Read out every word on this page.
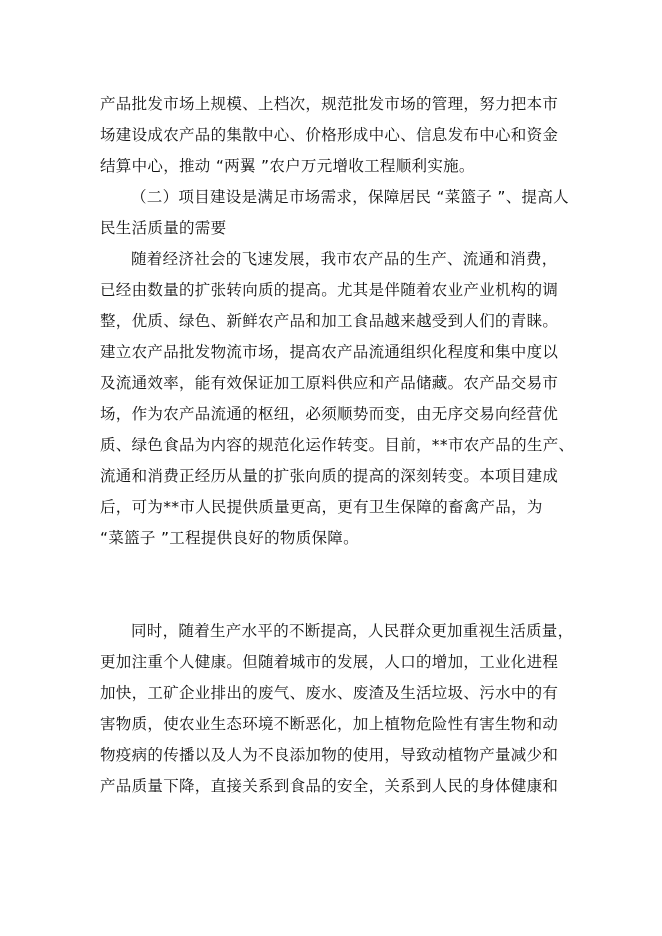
产品批发市场上规模、上档次，规范批发市场的管理，努力把本市
场建设成农产品的集散中心、价格形成中心、信息发布中心和资金
结算中心，推动 “两翼 ”农户万元增收工程顺利实施。
（二）项目建设是满足市场需求，保障居民 “菜篮子 ”、提高人
民生活质量的需要
随着经济社会的飞速发展，我市农产品的生产、流通和消费，
已经由数量的扩张转向质的提高。尤其是伴随着农业产业机构的调
整，优质、绿色、新鲜农产品和加工食品越来越受到人们的青睐。
建立农产品批发物流市场，提高农产品流通组织化程度和集中度以
及流通效率，能有效保证加工原料供应和产品储藏。农产品交易市
场，作为农产品流通的枢纽，必须顺势而变，由无序交易向经营优
质、绿色食品为内容的规范化运作转变。目前，**市农产品的生产、
流通和消费正经历从量的扩张向质的提高的深刻转变。本项目建成
后，可为**市人民提供质量更高，更有卫生保障的畜禽产品，为
“菜篮子 ”工程提供良好的物质保障。
同时，随着生产水平的不断提高，人民群众更加重视生活质量，
更加注重个人健康。但随着城市的发展，人口的增加，工业化进程
加快，工矿企业排出的废气、废水、废渣及生活垃圾、污水中的有
害物质，使农业生态环境不断恶化，加上植物危险性有害生物和动
物疫病的传播以及人为不良添加物的使用，导致动植物产量减少和
产品质量下降，直接关系到食品的安全，关系到人民的身体健康和
